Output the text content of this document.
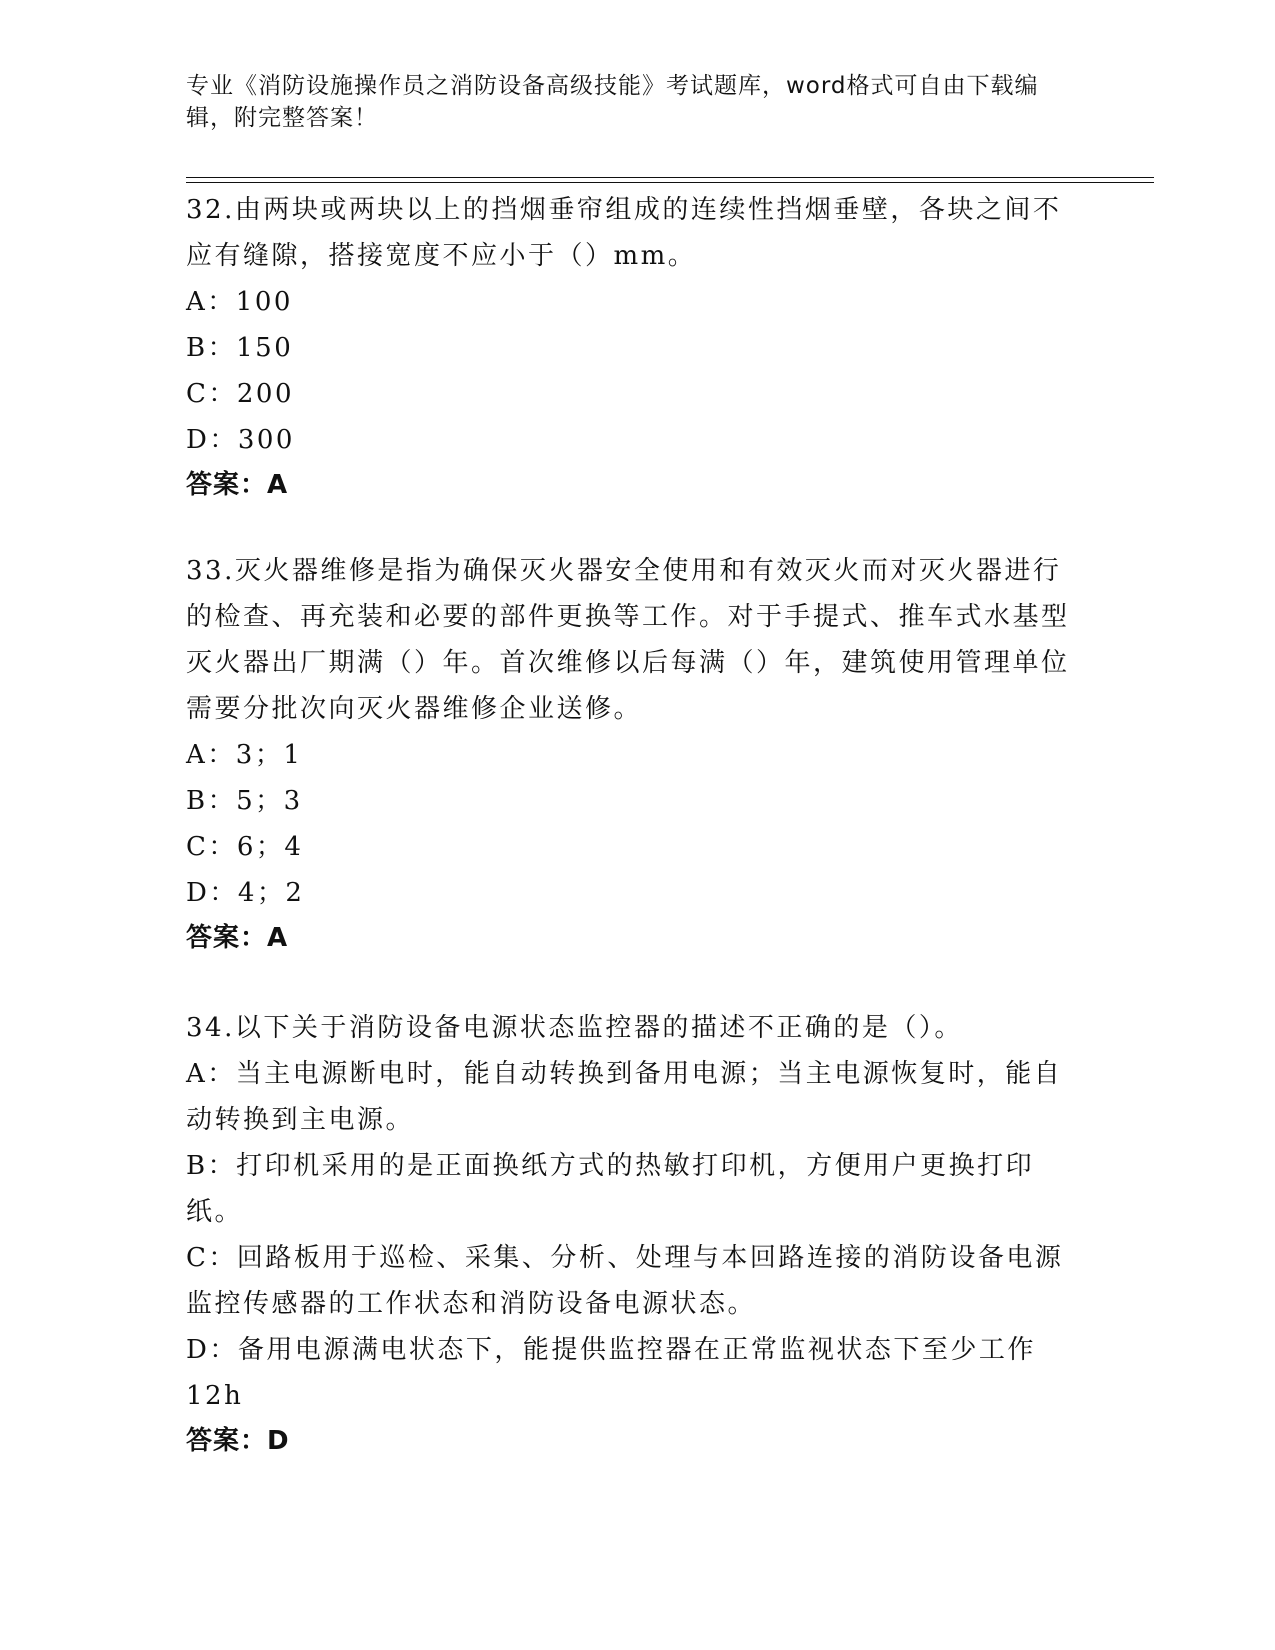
专业《消防设施操作员之消防设备高级技能》考试题库，word格式可自由下载编辑，附完整答案！

32.由两块或两块以上的挡烟垂帘组成的连续性挡烟垂壁，各块之间不应有缝隙，搭接宽度不应小于（）mm。

A：100

B：150

C：200

D：300

答案：A

33.灭火器维修是指为确保灭火器安全使用和有效灭火而对灭火器进行的检查、再充装和必要的部件更换等工作。对于手提式、推车式水基型灭火器出厂期满（）年。首次维修以后每满（）年，建筑使用管理单位需要分批次向灭火器维修企业送修。

A：3；1

B：5；3

C：6；4

D：4；2

答案：A

34.以下关于消防设备电源状态监控器的描述不正确的是（）。

A：当主电源断电时，能自动转换到备用电源；当主电源恢复时，能自动转换到主电源。

B：打印机采用的是正面换纸方式的热敏打印机，方便用户更换打印纸。

C：回路板用于巡检、采集、分析、处理与本回路连接的消防设备电源监控传感器的工作状态和消防设备电源状态。

D：备用电源满电状态下，能提供监控器在正常监视状态下至少工作12h

答案：D
